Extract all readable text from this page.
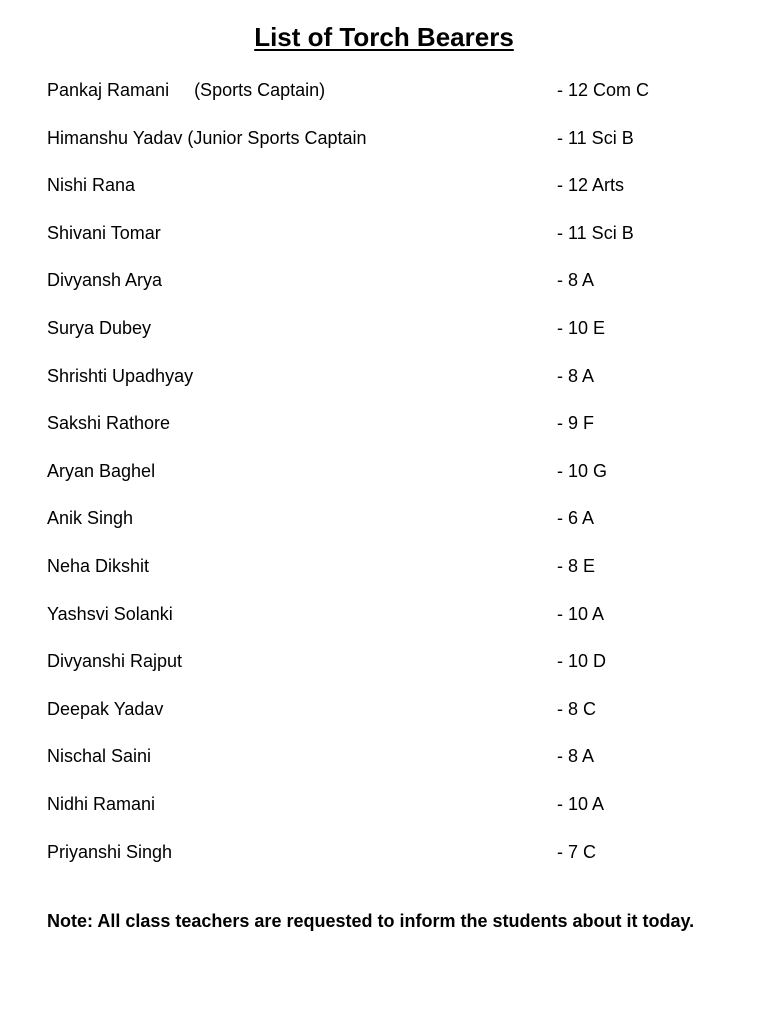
List of Torch Bearers
Pankaj Ramani     (Sports Captain)	- 12 Com C
Himanshu Yadav (Junior Sports Captain	- 11 Sci B
Nishi Rana	- 12 Arts
Shivani Tomar	- 11 Sci B
Divyansh Arya	- 8 A
Surya Dubey	- 10 E
Shrishti Upadhyay	- 8 A
Sakshi Rathore	- 9 F
Aryan Baghel	- 10 G
Anik Singh	- 6 A
Neha Dikshit	- 8 E
Yashsvi Solanki	- 10 A
Divyanshi Rajput	- 10 D
Deepak Yadav	- 8 C
Nischal Saini	- 8 A
Nidhi Ramani	- 10 A
Priyanshi Singh	- 7 C
Note: All class teachers are requested to inform the students about it today.
